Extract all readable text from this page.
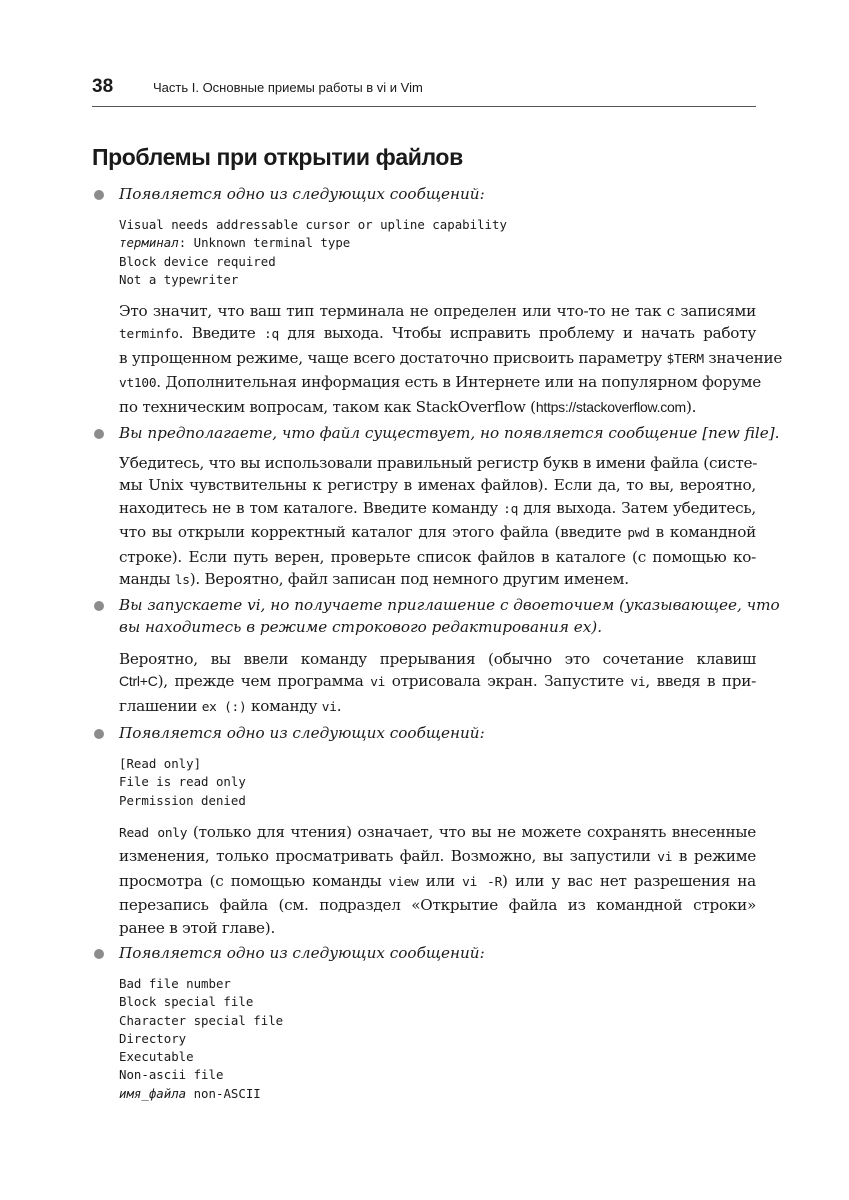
38	Часть I. Основные приемы работы в vi и Vim
Проблемы при открытии файлов
Появляется одно из следующих сообщений:
Visual needs addressable cursor or upline capability
терминал: Unknown terminal type
Block device required
Not a typewriter
Это значит, что ваш тип терминала не определен или что-то не так с записями
terminfo. Введите :q для выхода. Чтобы исправить проблему и начать работу
в упрощенном режиме, чаще всего достаточно присвоить параметру $TERM значение
vt100. Дополнительная информация есть в Интернете или на популярном форуме
по техническим вопросам, таком как StackOverflow (https://stackoverflow.com).
Вы предполагаете, что файл существует, но появляется сообщение [new file].
Убедитесь, что вы использовали правильный регистр букв в имени файла (систе-
мы Unix чувствительны к регистру в именах файлов). Если да, то вы, вероятно,
находитесь не в том каталоге. Введите команду :q для выхода. Затем убедитесь,
что вы открыли корректный каталог для этого файла (введите pwd в командной
строке). Если путь верен, проверьте список файлов в каталоге (с помощью ко-
манды ls). Вероятно, файл записан под немного другим именем.
Вы запускаете vi, но получаете приглашение с двоеточием (указывающее, что
вы находитесь в режиме строкового редактирования ex).
Вероятно, вы ввели команду прерывания (обычно это сочетание клавиш
Ctrl+C), прежде чем программа vi отрисовала экран. Запустите vi, введя в при-
глашении ex (:) команду vi.
Появляется одно из следующих сообщений:
[Read only]
File is read only
Permission denied
Read only (только для чтения) означает, что вы не можете сохранять внесенные
изменения, только просматривать файл. Возможно, вы запустили vi в режиме
просмотра (с помощью команды view или vi -R) или у вас нет разрешения на
перезапись файла (см. подраздел «Открытие файла из командной строки»
ранее в этой главе).
Появляется одно из следующих сообщений:
Bad file number
Block special file
Character special file
Directory
Executable
Non-ascii file
имя_файла non-ASCII
